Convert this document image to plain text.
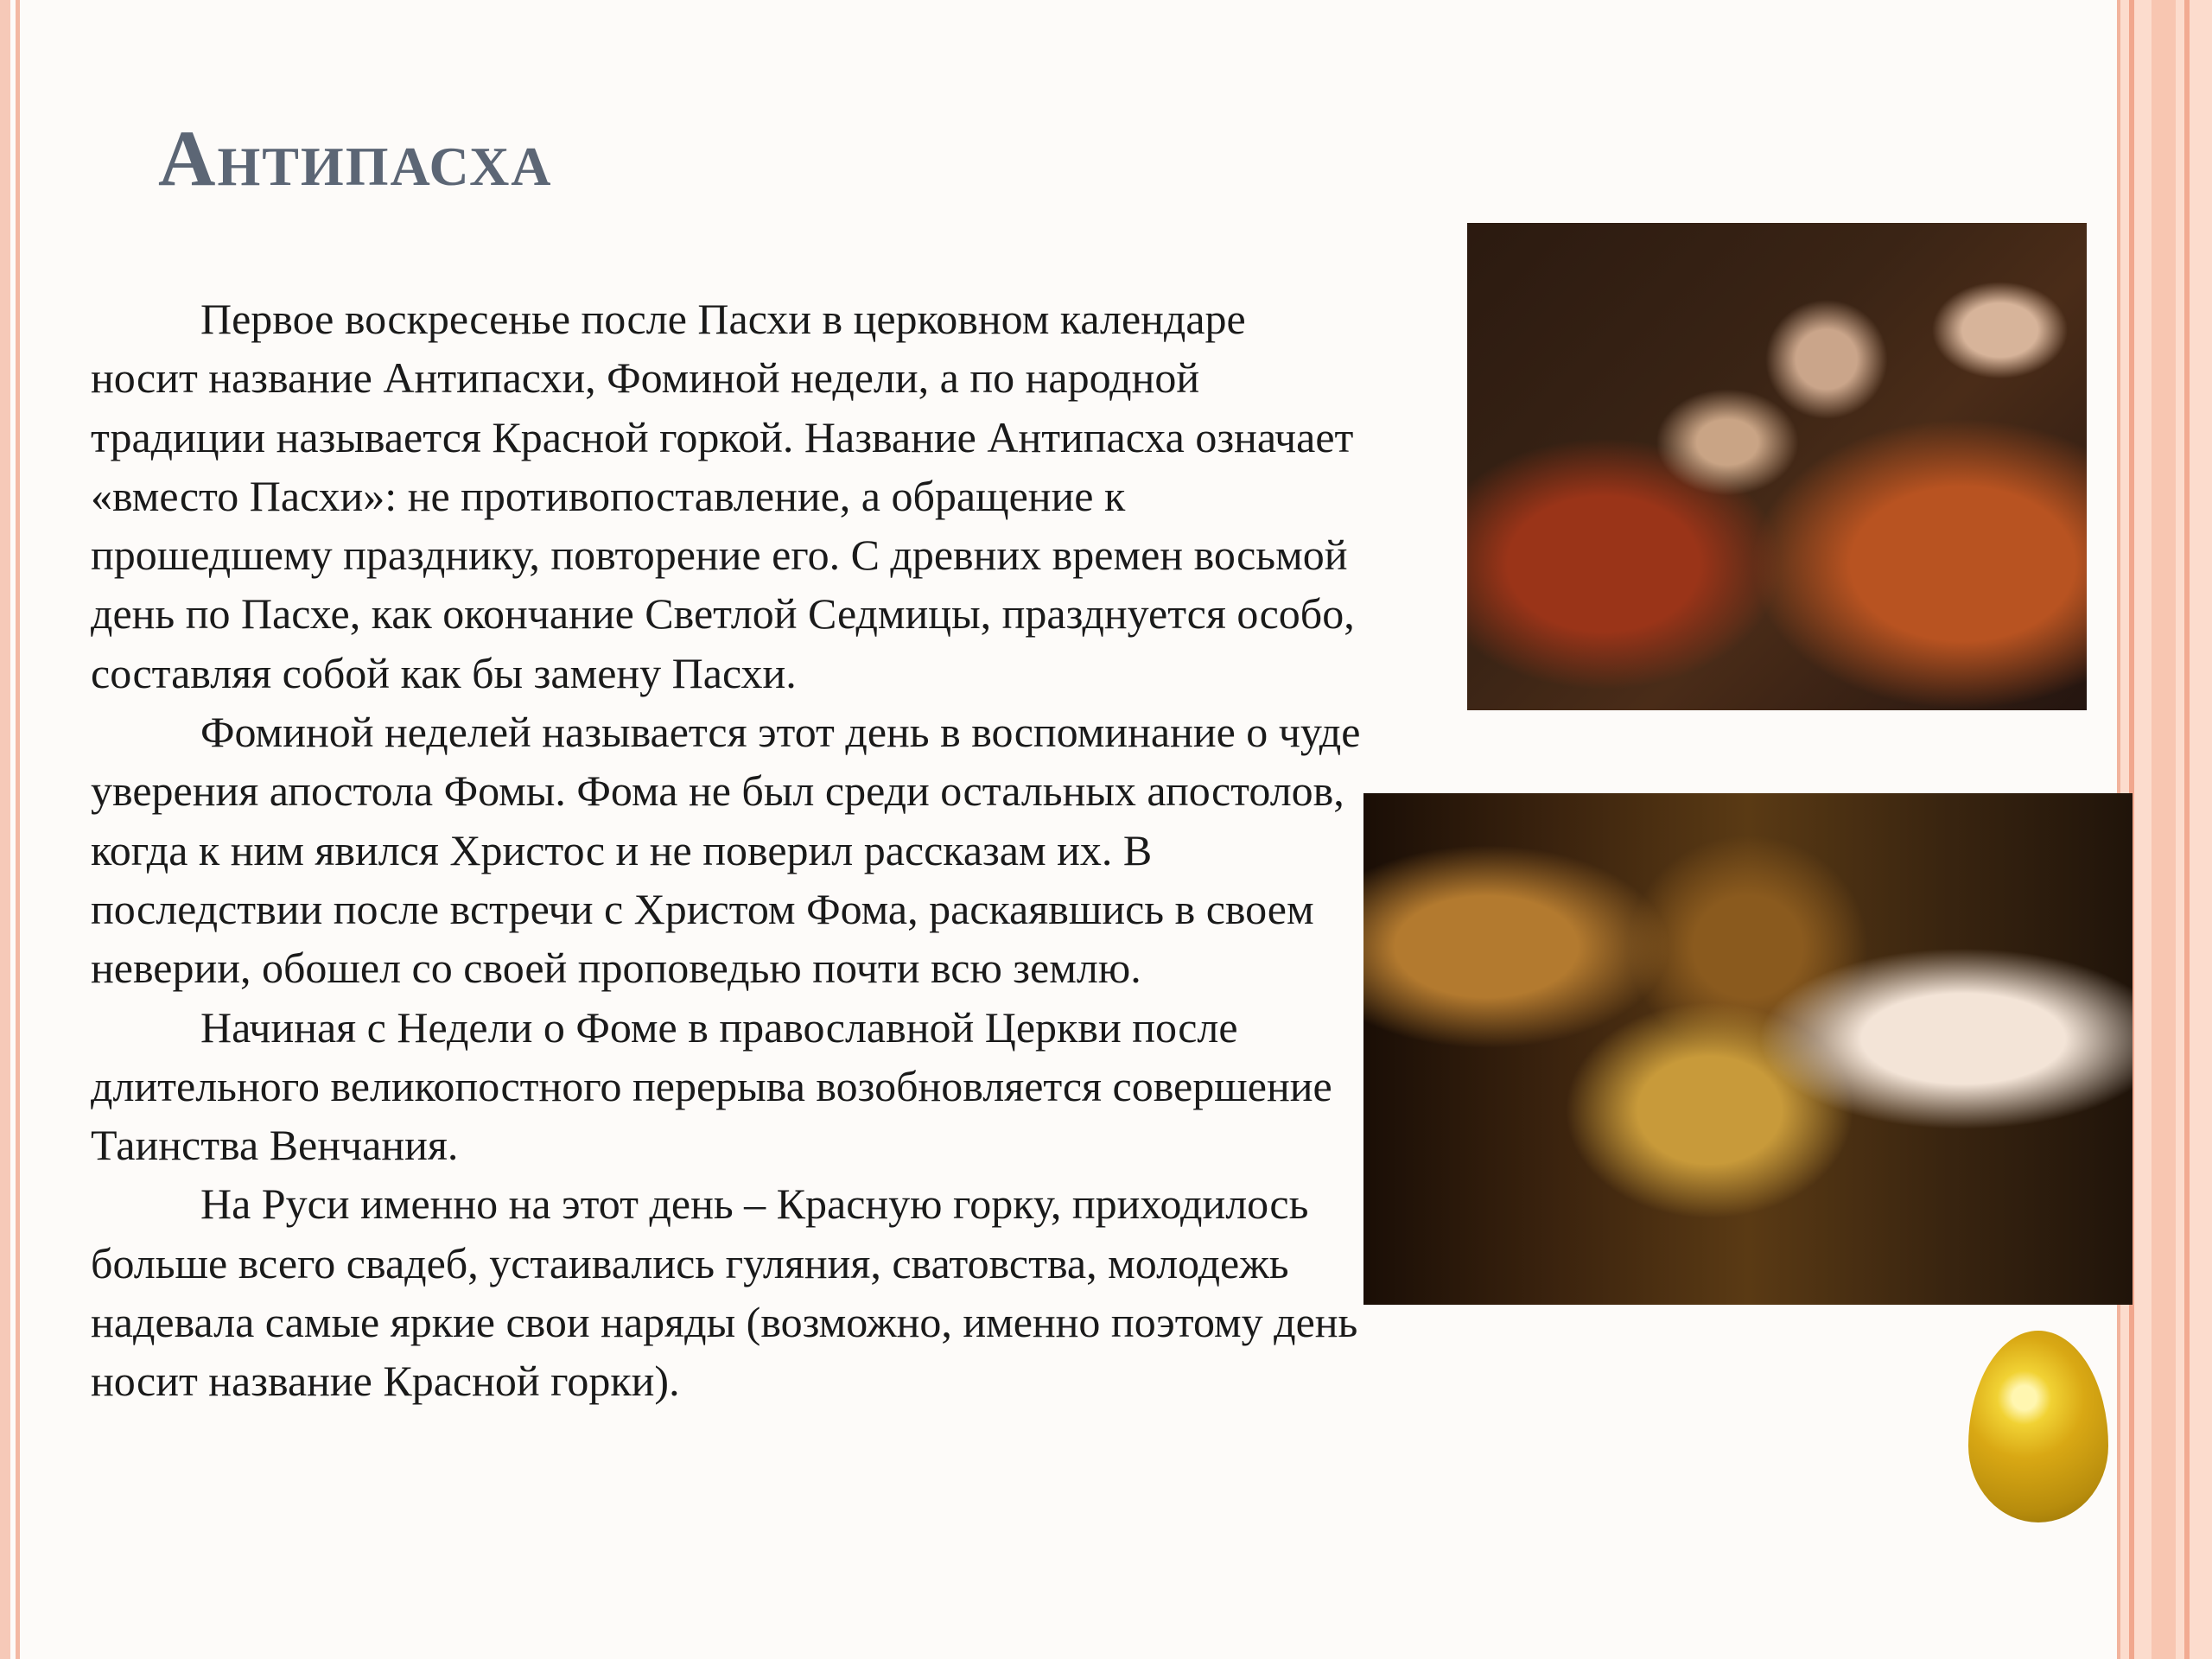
Антипасха

Первое воскресенье после Пасхи в церковном календаре носит название Антипасхи, Фоминой недели, а по народной традиции называется Красной горкой. Название Антипасха означает «вместо Пасхи»: не противопоставление, а обращение к прошедшему празднику, повторение его. С древних времен восьмой день по Пасхе, как окончание Светлой Седмицы, празднуется особо, составляя собой как бы замену Пасхи.

Фоминой неделей называется этот день в воспоминание о чуде уверения апостола Фомы. Фома не был среди остальных апостолов, когда к ним явился Христос и не поверил рассказам их. В последствии после встречи с Христом Фома, раскаявшись в своем неверии, обошел со своей проповедью почти всю землю.

Начиная с Недели о Фоме в православной Церкви после длительного великопостного перерыва возобновляется совершение Таинства Венчания.

На Руси именно на этот день – Красную горку, приходилось больше всего свадеб, устаивались гуляния, сватовства, молодежь надевала самые яркие свои наряды (возможно, именно поэтому день носит название Красной горки).
